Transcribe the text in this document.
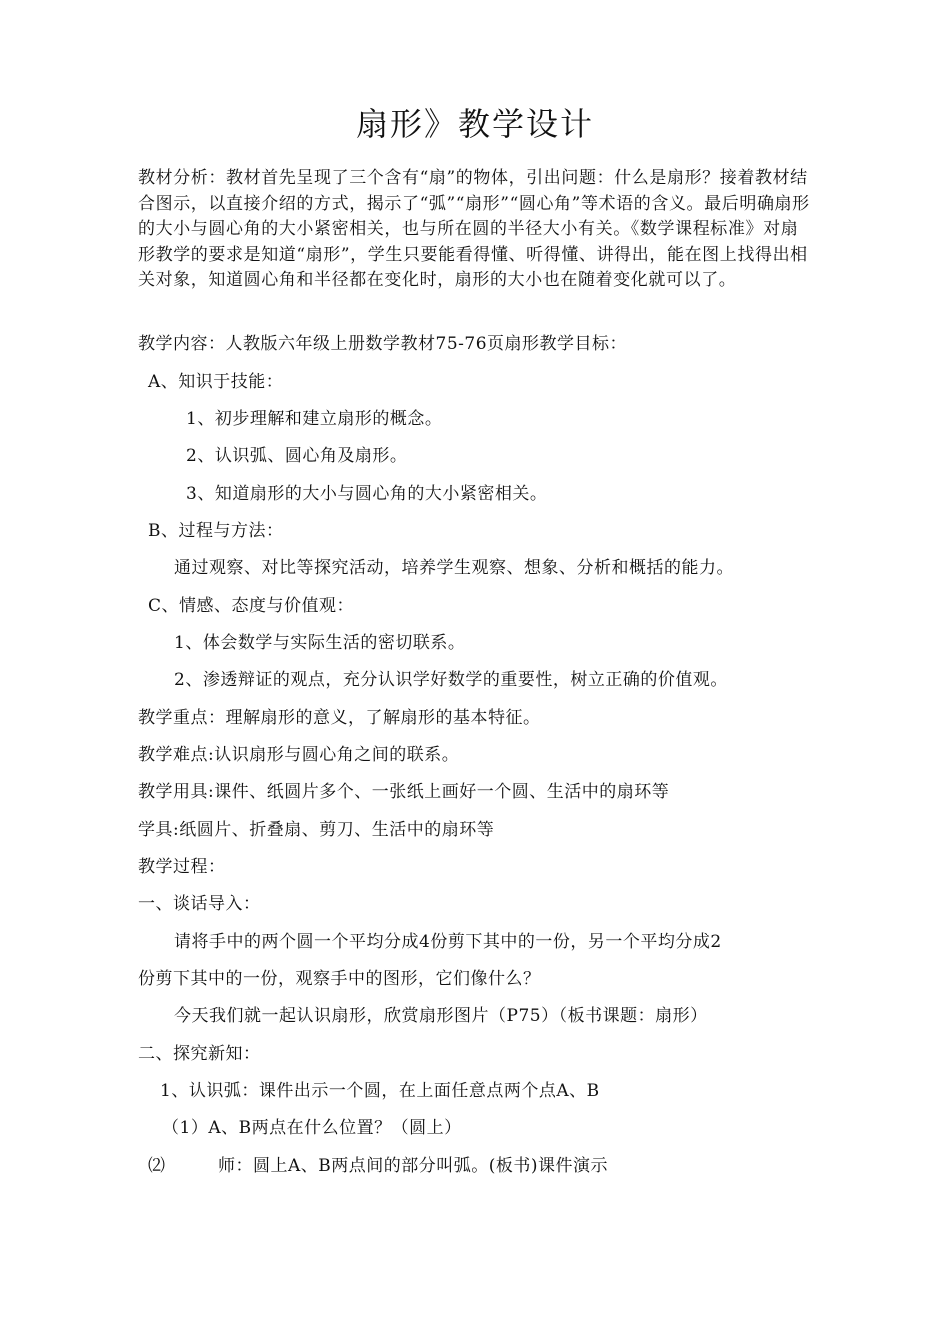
扇形》教学设计

教材分析：教材首先呈现了三个含有“扇”的物体，引出问题：什么是扇形？接着教材结合图示，以直接介绍的方式，揭示了“弧”“扇形”“圆心角”等术语的含义。最后明确扇形的大小与圆心角的大小紧密相关，也与所在圆的半径大小有关。《数学课程标准》对扇形教学的要求是知道“扇形”，学生只要能看得懂、听得懂、讲得出，能在图上找得出相关对象，知道圆心角和半径都在变化时，扇形的大小也在随着变化就可以了。

教学内容：人教版六年级上册数学教材75-76页扇形教学目标：
A、知识于技能：
1、初步理解和建立扇形的概念。
2、认识弧、圆心角及扇形。
3、知道扇形的大小与圆心角的大小紧密相关。
B、过程与方法：
通过观察、对比等探究活动，培养学生观察、想象、分析和概括的能力。
C、情感、态度与价值观：
1、体会数学与实际生活的密切联系。
2、渗透辩证的观点，充分认识学好数学的重要性，树立正确的价值观。
教学重点：理解扇形的意义，了解扇形的基本特征。
教学难点:认识扇形与圆心角之间的联系。
教学用具:课件、纸圆片多个、一张纸上画好一个圆、生活中的扇环等
学具:纸圆片、折叠扇、剪刀、生活中的扇环等
教学过程：
一、谈话导入：
请将手中的两个圆一个平均分成4份剪下其中的一份，另一个平均分成2
份剪下其中的一份，观察手中的图形，它们像什么？
今天我们就一起认识扇形，欣赏扇形图片（P75）（板书课题：扇形）
二、探究新知：
1、认识弧：课件出示一个圆，在上面任意点两个点A、B
（1）A、B两点在什么位置？（圆上）
⑵	师：圆上A、B两点间的部分叫弧。(板书)课件演示
